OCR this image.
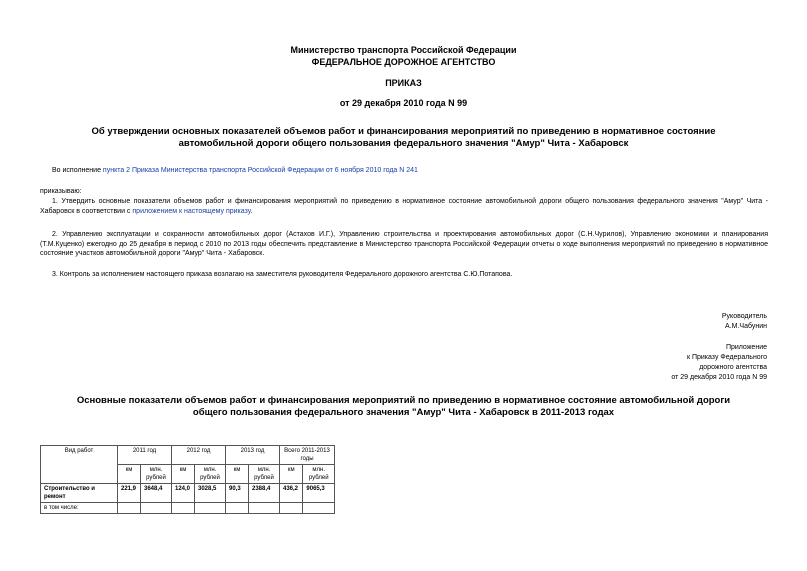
Министерство транспорта Российской Федерации
ФЕДЕРАЛЬНОЕ ДОРОЖНОЕ АГЕНТСТВО
ПРИКАЗ
от 29 декабря 2010 года N 99
Об утверждении основных показателей объемов работ и финансирования мероприятий по приведению в нормативное состояние автомобильной дороги общего пользования федерального значения "Амур" Чита - Хабаровск
Во исполнение пункта 2 Приказа Министерства транспорта Российской Федерации от 6 ноября 2010 года N 241
приказываю:
1. Утвердить основные показатели объемов работ и финансирования мероприятий по приведению в нормативное состояние автомобильной дороги общего пользования федерального значения "Амур" Чита - Хабаровск в соответствии с приложением к настоящему приказу.
2. Управлению эксплуатации и сохранности автомобильных дорог (Астахов И.Г.), Управлению строительства и проектирования автомобильных дорог (С.Н.Чурилов), Управлению экономики и планирования (Т.М.Куценко) ежегодно до 25 декабря в период с 2010 по 2013 годы обеспечить представление в Министерство транспорта Российской Федерации отчеты о ходе выполнения мероприятий по приведению в нормативное состояние участков автомобильной дороги "Амур" Чита - Хабаровск.
3. Контроль за исполнением настоящего приказа возлагаю на заместителя руководителя Федерального дорожного агентства С.Ю.Потапова.
Руководитель
А.М.Чабунин
Приложение
к Приказу Федерального
дорожного агентства
от 29 декабря 2010 года N 99
Основные показатели объемов работ и финансирования мероприятий по приведению в нормативное состояние автомобильной дороги общего пользования федерального значения "Амур" Чита - Хабаровск в 2011-2013 годах
Вид работ	2011 год		2012 год		2013 год		Всего 2011-2013 годы	
	км	млн. рублей	км	млн. рублей	км	млн. рублей	км	млн. рублей
Строительство и ремонт	221,9	3648,4	124,0	3028,5	90,3	2388,4	436,2	9065,3
в том числе:								
